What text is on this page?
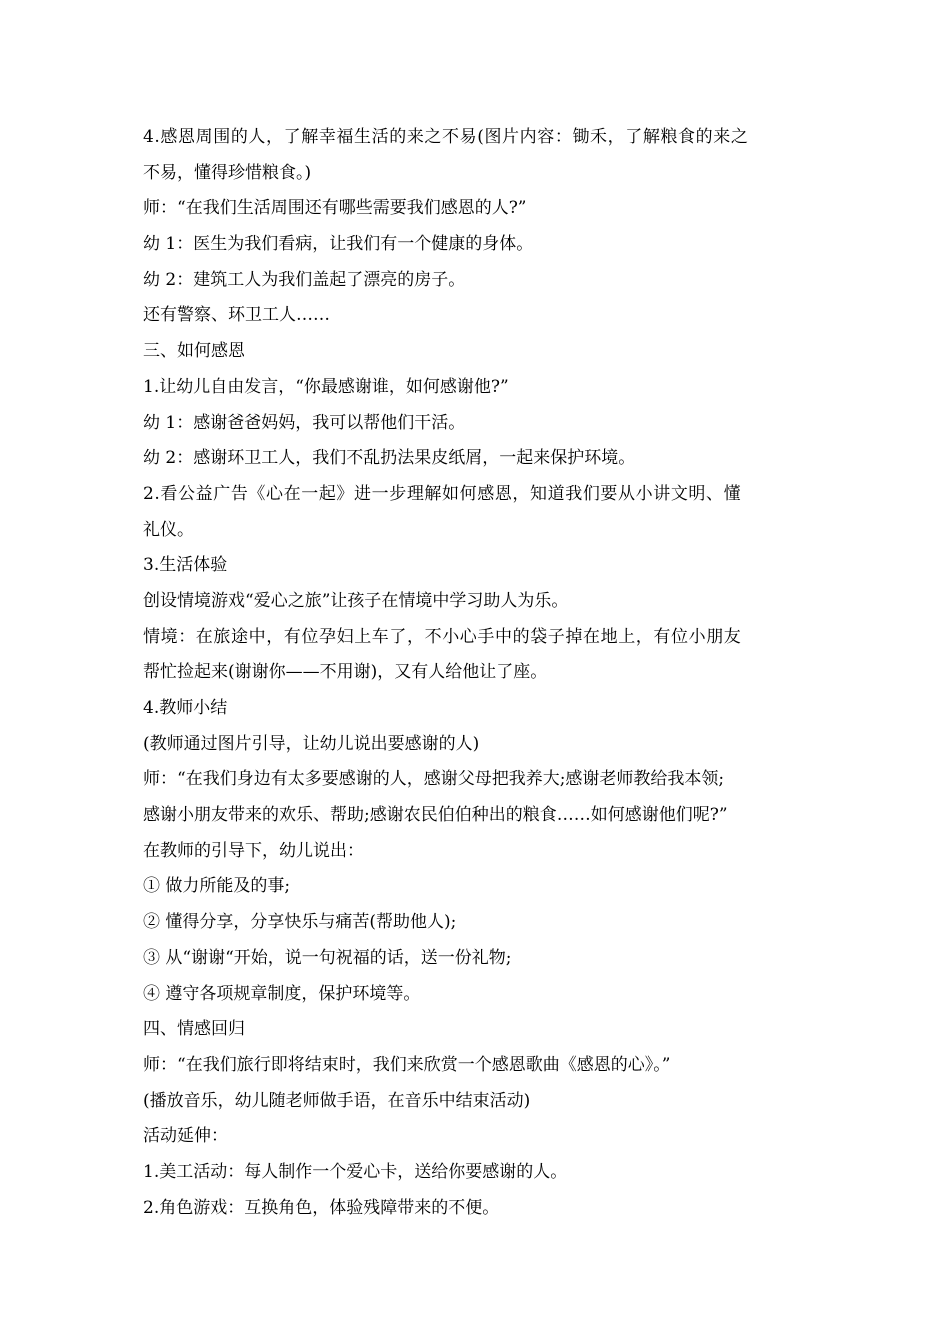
4.感恩周围的人，了解幸福生活的来之不易(图片内容：锄禾，了解粮食的来之
不易，懂得珍惜粮食。)
师：“在我们生活周围还有哪些需要我们感恩的人?”
幼 1：医生为我们看病，让我们有一个健康的身体。
幼 2：建筑工人为我们盖起了漂亮的房子。
还有警察、环卫工人……
三、如何感恩
1.让幼儿自由发言，“你最感谢谁，如何感谢他?”
幼 1：感谢爸爸妈妈，我可以帮他们干活。
幼 2：感谢环卫工人，我们不乱扔法果皮纸屑，一起来保护环境。
2.看公益广告《心在一起》进一步理解如何感恩，知道我们要从小讲文明、懂
礼仪。
3.生活体验
创设情境游戏“爱心之旅”让孩子在情境中学习助人为乐。
情境：在旅途中，有位孕妇上车了，不小心手中的袋子掉在地上，有位小朋友
帮忙捡起来(谢谢你——不用谢)，又有人给他让了座。
4.教师小结
(教师通过图片引导，让幼儿说出要感谢的人)
师：“在我们身边有太多要感谢的人，感谢父母把我养大;感谢老师教给我本领;
感谢小朋友带来的欢乐、帮助;感谢农民伯伯种出的粮食……如何感谢他们呢?”
在教师的引导下，幼儿说出：
① 做力所能及的事;
② 懂得分享，分享快乐与痛苦(帮助他人);
③ 从“谢谢“开始，说一句祝福的话，送一份礼物;
④ 遵守各项规章制度，保护环境等。
四、情感回归
师：“在我们旅行即将结束时，我们来欣赏一个感恩歌曲《感恩的心》。”
(播放音乐，幼儿随老师做手语，在音乐中结束活动)
活动延伸：
1.美工活动：每人制作一个爱心卡，送给你要感谢的人。
2.角色游戏：互换角色，体验残障带来的不便。
